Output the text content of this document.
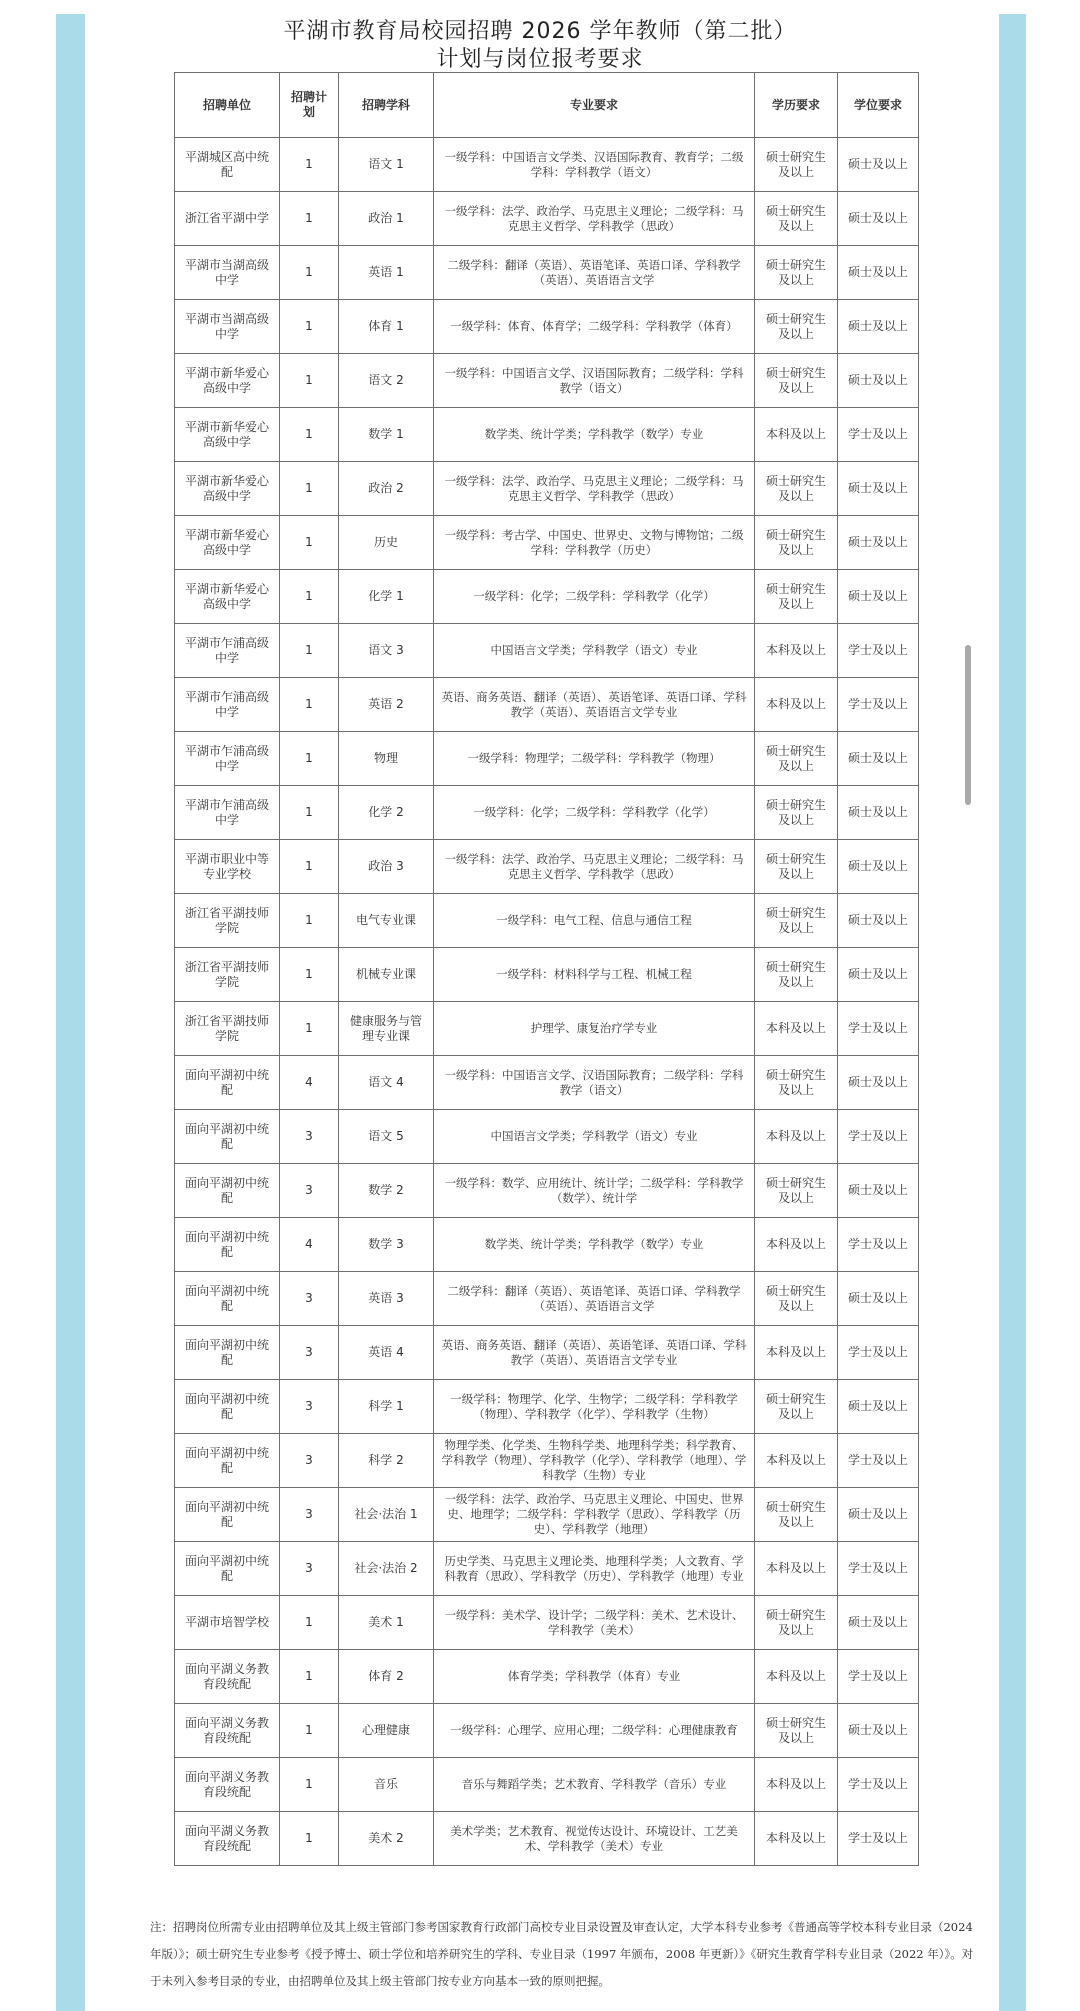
平湖市教育局校园招聘 2026 学年教师（第二批）
计划与岗位报考要求
招聘单位	招聘计划	招聘学科	专业要求	学历要求	学位要求
平湖城区高中统配	1	语文 1	一级学科：中国语言文学类、汉语国际教育、教育学；二级学科：学科教学（语文）	硕士研究生及以上	硕士及以上
浙江省平湖中学	1	政治 1	一级学科：法学、政治学、马克思主义理论；二级学科：马克思主义哲学、学科教学（思政）	硕士研究生及以上	硕士及以上
平湖市当湖高级中学	1	英语 1	二级学科：翻译（英语）、英语笔译、英语口译、学科教学（英语）、英语语言文学	硕士研究生及以上	硕士及以上
平湖市当湖高级中学	1	体育 1	一级学科：体育、体育学；二级学科：学科教学（体育）	硕士研究生及以上	硕士及以上
平湖市新华爱心高级中学	1	语文 2	一级学科：中国语言文学、汉语国际教育；二级学科：学科教学（语文）	硕士研究生及以上	硕士及以上
平湖市新华爱心高级中学	1	数学 1	数学类、统计学类；学科教学（数学）专业	本科及以上	学士及以上
平湖市新华爱心高级中学	1	政治 2	一级学科：法学、政治学、马克思主义理论；二级学科：马克思主义哲学、学科教学（思政）	硕士研究生及以上	硕士及以上
平湖市新华爱心高级中学	1	历史	一级学科：考古学、中国史、世界史、文物与博物馆；二级学科：学科教学（历史）	硕士研究生及以上	硕士及以上
平湖市新华爱心高级中学	1	化学 1	一级学科：化学；二级学科：学科教学（化学）	硕士研究生及以上	硕士及以上
平湖市乍浦高级中学	1	语文 3	中国语言文学类；学科教学（语文）专业	本科及以上	学士及以上
平湖市乍浦高级中学	1	英语 2	英语、商务英语、翻译（英语）、英语笔译、英语口译、学科教学（英语）、英语语言文学专业	本科及以上	学士及以上
平湖市乍浦高级中学	1	物理	一级学科：物理学；二级学科：学科教学（物理）	硕士研究生及以上	硕士及以上
平湖市乍浦高级中学	1	化学 2	一级学科：化学；二级学科：学科教学（化学）	硕士研究生及以上	硕士及以上
平湖市职业中等专业学校	1	政治 3	一级学科：法学、政治学、马克思主义理论；二级学科：马克思主义哲学、学科教学（思政）	硕士研究生及以上	硕士及以上
浙江省平湖技师学院	1	电气专业课	一级学科：电气工程、信息与通信工程	硕士研究生及以上	硕士及以上
浙江省平湖技师学院	1	机械专业课	一级学科：材料科学与工程、机械工程	硕士研究生及以上	硕士及以上
浙江省平湖技师学院	1	健康服务与管理专业课	护理学、康复治疗学专业	本科及以上	学士及以上
面向平湖初中统配	4	语文 4	一级学科：中国语言文学、汉语国际教育；二级学科：学科教学（语文）	硕士研究生及以上	硕士及以上
面向平湖初中统配	3	语文 5	中国语言文学类；学科教学（语文）专业	本科及以上	学士及以上
面向平湖初中统配	3	数学 2	一级学科：数学、应用统计、统计学；二级学科：学科教学（数学）、统计学	硕士研究生及以上	硕士及以上
面向平湖初中统配	4	数学 3	数学类、统计学类；学科教学（数学）专业	本科及以上	学士及以上
面向平湖初中统配	3	英语 3	二级学科：翻译（英语）、英语笔译、英语口译、学科教学（英语）、英语语言文学	硕士研究生及以上	硕士及以上
面向平湖初中统配	3	英语 4	英语、商务英语、翻译（英语）、英语笔译、英语口译、学科教学（英语）、英语语言文学专业	本科及以上	学士及以上
面向平湖初中统配	3	科学 1	一级学科：物理学、化学、生物学；二级学科：学科教学（物理）、学科教学（化学）、学科教学（生物）	硕士研究生及以上	硕士及以上
面向平湖初中统配	3	科学 2	物理学类、化学类、生物科学类、地理科学类；科学教育、学科教学（物理）、学科教学（化学）、学科教学（地理）、学科教学（生物）专业	本科及以上	学士及以上
面向平湖初中统配	3	社会·法治 1	一级学科：法学、政治学、马克思主义理论、中国史、世界史、地理学；二级学科：学科教学（思政）、学科教学（历史）、学科教学（地理）	硕士研究生及以上	硕士及以上
面向平湖初中统配	3	社会·法治 2	历史学类、马克思主义理论类、地理科学类；人文教育、学科教育（思政）、学科教学（历史）、学科教学（地理）专业	本科及以上	学士及以上
平湖市培智学校	1	美术 1	一级学科：美术学、设计学；二级学科：美术、艺术设计、学科教学（美术）	硕士研究生及以上	硕士及以上
面向平湖义务教育段统配	1	体育 2	体育学类；学科教学（体育）专业	本科及以上	学士及以上
面向平湖义务教育段统配	1	心理健康	一级学科：心理学、应用心理；二级学科：心理健康教育	硕士研究生及以上	硕士及以上
面向平湖义务教育段统配	1	音乐	音乐与舞蹈学类；艺术教育、学科教学（音乐）专业	本科及以上	学士及以上
面向平湖义务教育段统配	1	美术 2	美术学类；艺术教育、视觉传达设计、环境设计、工艺美术、学科教学（美术）专业	本科及以上	学士及以上

注：招聘岗位所需专业由招聘单位及其上级主管部门参考国家教育行政部门高校专业目录设置及审查认定，大学本科专业参考《普通高等学校本科专业目录（2024 年版）》；硕士研究生专业参考《授予博士、硕士学位和培养研究生的学科、专业目录（1997 年颁布，2008 年更新）》《研究生教育学科专业目录（2022 年）》。对于未列入参考目录的专业，由招聘单位及其上级主管部门按专业方向基本一致的原则把握。
